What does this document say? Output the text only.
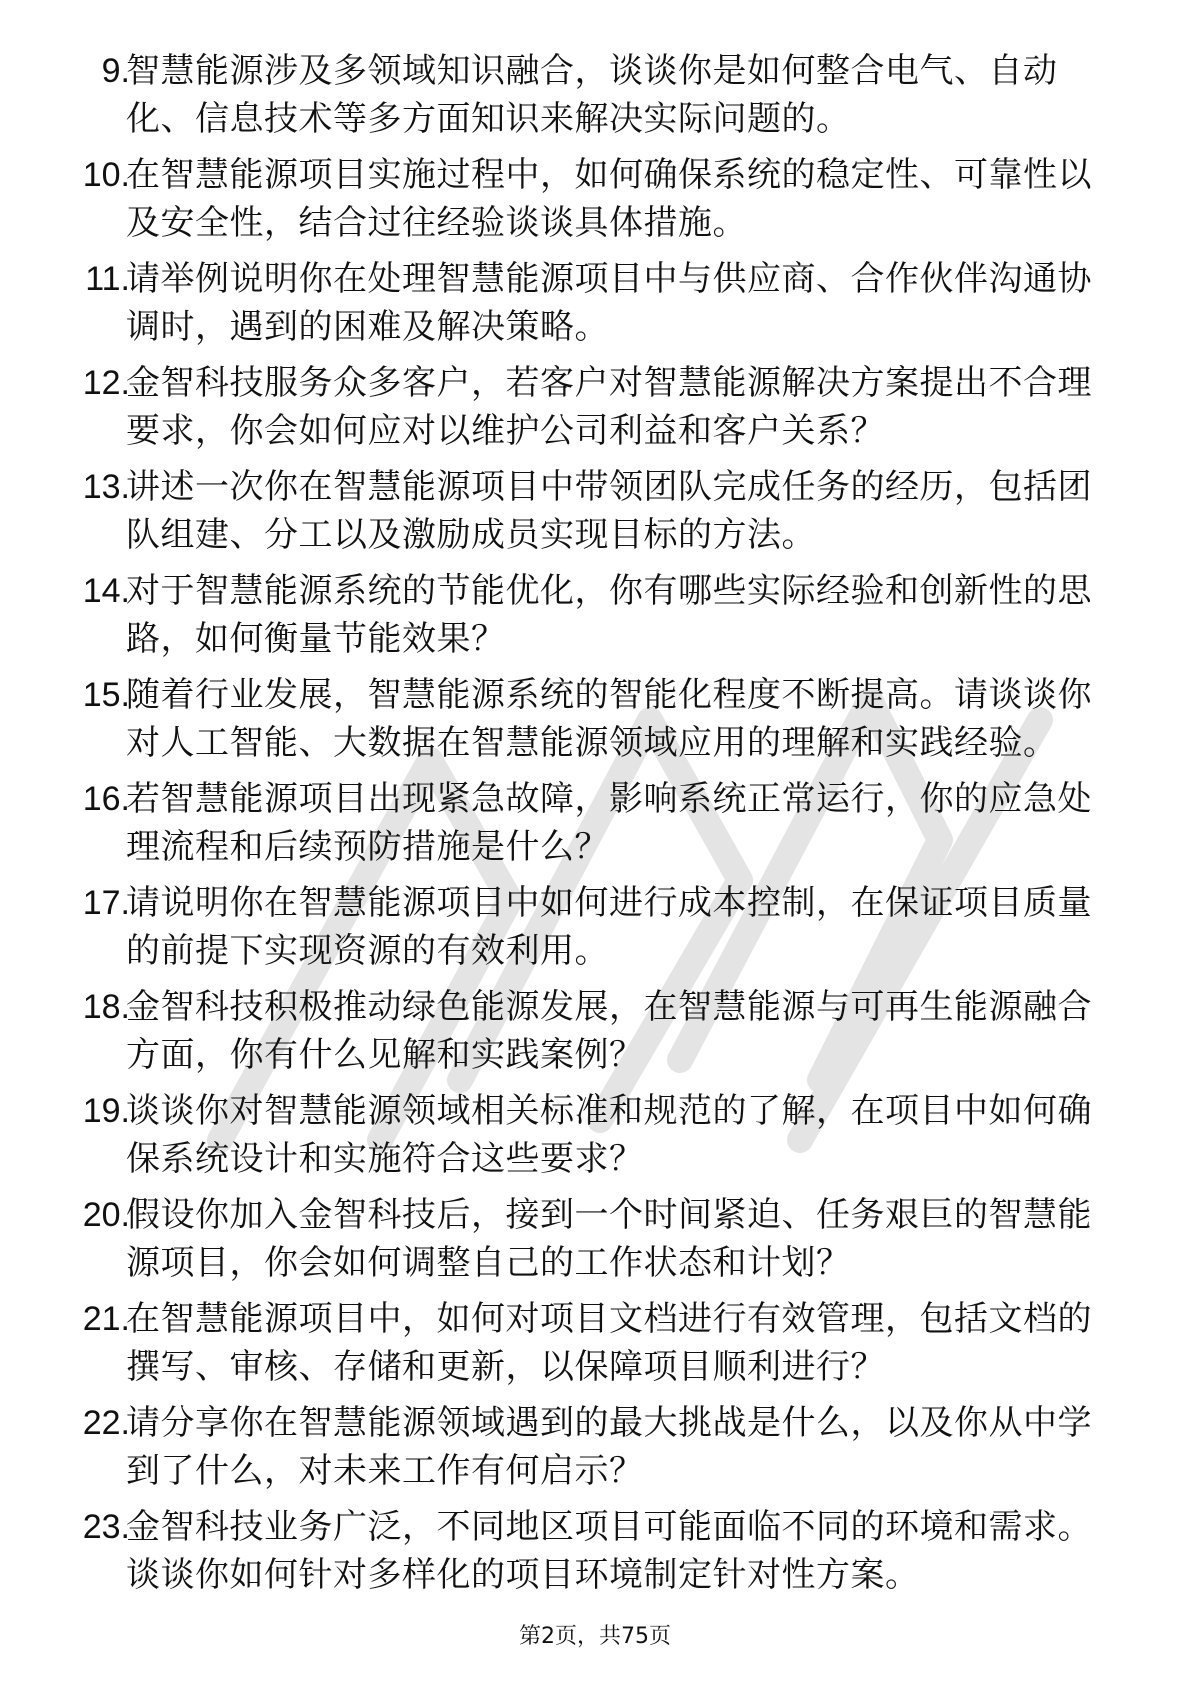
9.
智慧能源涉及多领域知识融合，谈谈你是如何整合电气、自动化、信息技术等多方面知识来解决实际问题的。
10.
在智慧能源项目实施过程中，如何确保系统的稳定性、可靠性以及安全性，结合过往经验谈谈具体措施。
11.
请举例说明你在处理智慧能源项目中与供应商、合作伙伴沟通协调时，遇到的困难及解决策略。
12.
金智科技服务众多客户，若客户对智慧能源解决方案提出不合理要求，你会如何应对以维护公司利益和客户关系？
13.
讲述一次你在智慧能源项目中带领团队完成任务的经历，包括团队组建、分工以及激励成员实现目标的方法。
14.
对于智慧能源系统的节能优化，你有哪些实际经验和创新性的思路，如何衡量节能效果？
15.
随着行业发展，智慧能源系统的智能化程度不断提高。请谈谈你对人工智能、大数据在智慧能源领域应用的理解和实践经验。
16.
若智慧能源项目出现紧急故障，影响系统正常运行，你的应急处理流程和后续预防措施是什么？
17.
请说明你在智慧能源项目中如何进行成本控制，在保证项目质量的前提下实现资源的有效利用。
18.
金智科技积极推动绿色能源发展，在智慧能源与可再生能源融合方面，你有什么见解和实践案例？
19.
谈谈你对智慧能源领域相关标准和规范的了解，在项目中如何确保系统设计和实施符合这些要求？
20.
假设你加入金智科技后，接到一个时间紧迫、任务艰巨的智慧能源项目，你会如何调整自己的工作状态和计划？
21.
在智慧能源项目中，如何对项目文档进行有效管理，包括文档的撰写、审核、存储和更新，以保障项目顺利进行？
22.
请分享你在智慧能源领域遇到的最大挑战是什么，以及你从中学到了什么，对未来工作有何启示？
23.
金智科技业务广泛，不同地区项目可能面临不同的环境和需求。谈谈你如何针对多样化的项目环境制定针对性方案。
第2页，共75页
